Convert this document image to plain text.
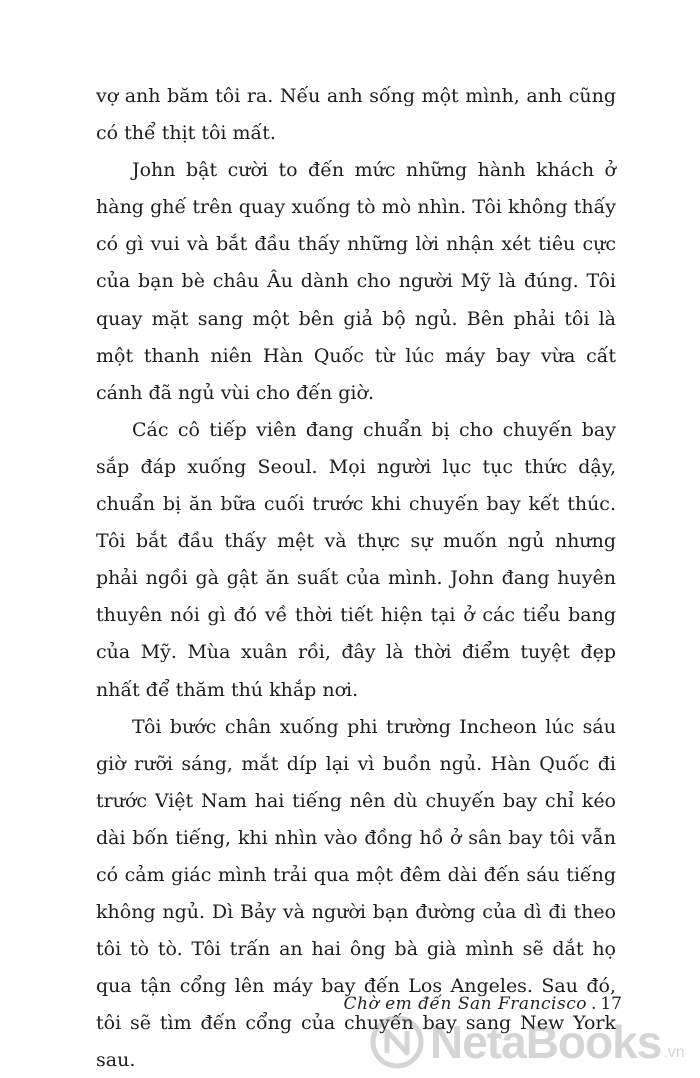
vợ anh băm tôi ra. Nếu anh sống một mình, anh cũng có thể thịt tôi mất.

John bật cười to đến mức những hành khách ở hàng ghế trên quay xuống tò mò nhìn. Tôi không thấy có gì vui và bắt đầu thấy những lời nhận xét tiêu cực của bạn bè châu Âu dành cho người Mỹ là đúng. Tôi quay mặt sang một bên giả bộ ngủ. Bên phải tôi là một thanh niên Hàn Quốc từ lúc máy bay vừa cất cánh đã ngủ vùi cho đến giờ.

Các cô tiếp viên đang chuẩn bị cho chuyến bay sắp đáp xuống Seoul. Mọi người lục tục thức dậy, chuẩn bị ăn bữa cuối trước khi chuyến bay kết thúc. Tôi bắt đầu thấy mệt và thực sự muốn ngủ nhưng phải ngồi gà gật ăn suất của mình. John đang huyên thuyên nói gì đó về thời tiết hiện tại ở các tiểu bang của Mỹ. Mùa xuân rồi, đây là thời điểm tuyệt đẹp nhất để thăm thú khắp nơi.

Tôi bước chân xuống phi trường Incheon lúc sáu giờ rưỡi sáng, mắt díp lại vì buồn ngủ. Hàn Quốc đi trước Việt Nam hai tiếng nên dù chuyến bay chỉ kéo dài bốn tiếng, khi nhìn vào đồng hồ ở sân bay tôi vẫn có cảm giác mình trải qua một đêm dài đến sáu tiếng không ngủ. Dì Bảy và người bạn đường của dì đi theo tôi tò tò. Tôi trấn an hai ông bà già mình sẽ dắt họ qua tận cổng lên máy bay đến Los Angeles. Sau đó, tôi sẽ tìm đến cổng của chuyến bay sang New York sau.

Chờ em đến San Francisco . 17
NetaBooks .vn
